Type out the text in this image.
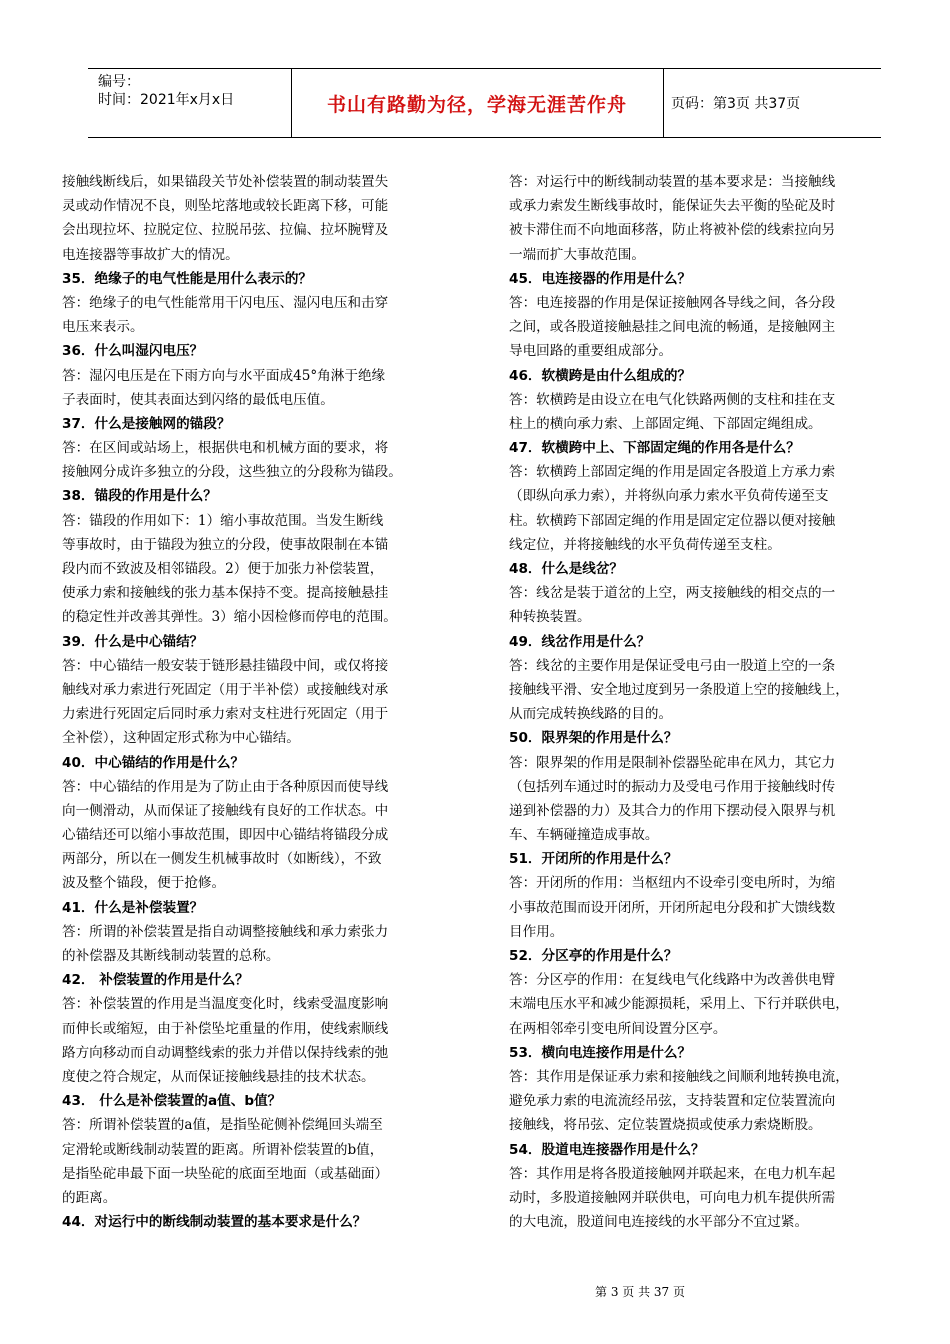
编号：
时间：2021年x月x日	书山有路勤为径，学海无涯苦作舟	页码：第3页 共37页
接触线断线后，如果锚段关节处补偿装置的制动装置失
灵或动作情况不良，则坠坨落地或较长距离下移，可能
会出现拉坏、拉脱定位、拉脱吊弦、拉偏、拉坏腕臂及
电连接器等事故扩大的情况。
35．绝缘子的电气性能是用什么表示的？
答：绝缘子的电气性能常用干闪电压、湿闪电压和击穿
电压来表示。
36．什么叫湿闪电压？
答：湿闪电压是在下雨方向与水平面成45°角淋于绝缘
子表面时，使其表面达到闪络的最低电压值。
37．什么是接触网的锚段？
答：在区间或站场上，根据供电和机械方面的要求，将
接触网分成许多独立的分段，这些独立的分段称为锚段。
38．锚段的作用是什么？
答：锚段的作用如下：1）缩小事故范围。当发生断线
等事故时，由于锚段为独立的分段，使事故限制在本锚
段内而不致波及相邻锚段。2）便于加张力补偿装置，
使承力索和接触线的张力基本保持不变。提高接触悬挂
的稳定性并改善其弹性。3）缩小因检修而停电的范围。
39．什么是中心锚结？
答：中心锚结一般安装于链形悬挂锚段中间，或仅将接
触线对承力索进行死固定（用于半补偿）或接触线对承
力索进行死固定后同时承力索对支柱进行死固定（用于
全补偿），这种固定形式称为中心锚结。
40．中心锚结的作用是什么？
答：中心锚结的作用是为了防止由于各种原因而使导线
向一侧滑动，从而保证了接触线有良好的工作状态。中
心锚结还可以缩小事故范围，即因中心锚结将锚段分成
两部分，所以在一侧发生机械事故时（如断线），不致
波及整个锚段，便于抢修。
41．什么是补偿装置？
答：所谓的补偿装置是指自动调整接触线和承力索张力
的补偿器及其断线制动装置的总称。
42． 补偿装置的作用是什么？
答：补偿装置的作用是当温度变化时，线索受温度影响
而伸长或缩短，由于补偿坠坨重量的作用，使线索顺线
路方向移动而自动调整线索的张力并借以保持线索的弛
度使之符合规定，从而保证接触线悬挂的技术状态。
43． 什么是补偿装置的a值、b值？
答：所谓补偿装置的a值，是指坠砣侧补偿绳回头端至
定滑轮或断线制动装置的距离。所谓补偿装置的b值，
是指坠砣串最下面一块坠砣的底面至地面（或基础面）
的距离。
44．对运行中的断线制动装置的基本要求是什么？
答：对运行中的断线制动装置的基本要求是：当接触线
或承力索发生断线事故时，能保证失去平衡的坠砣及时
被卡滞住而不向地面移落，防止将被补偿的线索拉向另
一端而扩大事故范围。
45．电连接器的作用是什么？
答：电连接器的作用是保证接触网各导线之间，各分段
之间，或各股道接触悬挂之间电流的畅通，是接触网主
导电回路的重要组成部分。
46．软横跨是由什么组成的？
答：软横跨是由设立在电气化铁路两侧的支柱和挂在支
柱上的横向承力索、上部固定绳、下部固定绳组成。
47．软横跨中上、下部固定绳的作用各是什么？
答：软横跨上部固定绳的作用是固定各股道上方承力索
（即纵向承力索），并将纵向承力索水平负荷传递至支
柱。软横跨下部固定绳的作用是固定定位器以便对接触
线定位，并将接触线的水平负荷传递至支柱。
48．什么是线岔？
答：线岔是装于道岔的上空，两支接触线的相交点的一
种转换装置。
49．线岔作用是什么？
答：线岔的主要作用是保证受电弓由一股道上空的一条
接触线平滑、安全地过度到另一条股道上空的接触线上，
从而完成转换线路的目的。
50．限界架的作用是什么？
答：限界架的作用是限制补偿器坠砣串在风力，其它力
（包括列车通过时的振动力及受电弓作用于接触线时传
递到补偿器的力）及其合力的作用下摆动侵入限界与机
车、车辆碰撞造成事故。
51．开闭所的作用是什么？
答：开闭所的作用：当枢纽内不设牵引变电所时，为缩
小事故范围而设开闭所，开闭所起电分段和扩大馈线数
目作用。
52．分区亭的作用是什么？
答：分区亭的作用：在复线电气化线路中为改善供电臂
末端电压水平和减少能源损耗，采用上、下行并联供电，
在两相邻牵引变电所间设置分区亭。
53．横向电连接作用是什么？
答：其作用是保证承力索和接触线之间顺利地转换电流，
避免承力索的电流流经吊弦，支持装置和定位装置流向
接触线，将吊弦、定位装置烧损或使承力索烧断股。
54．股道电连接器作用是什么？
答：其作用是将各股道接触网并联起来，在电力机车起
动时，多股道接触网并联供电，可向电力机车提供所需
的大电流，股道间电连接线的水平部分不宜过紧。
第 3 页 共 37 页
